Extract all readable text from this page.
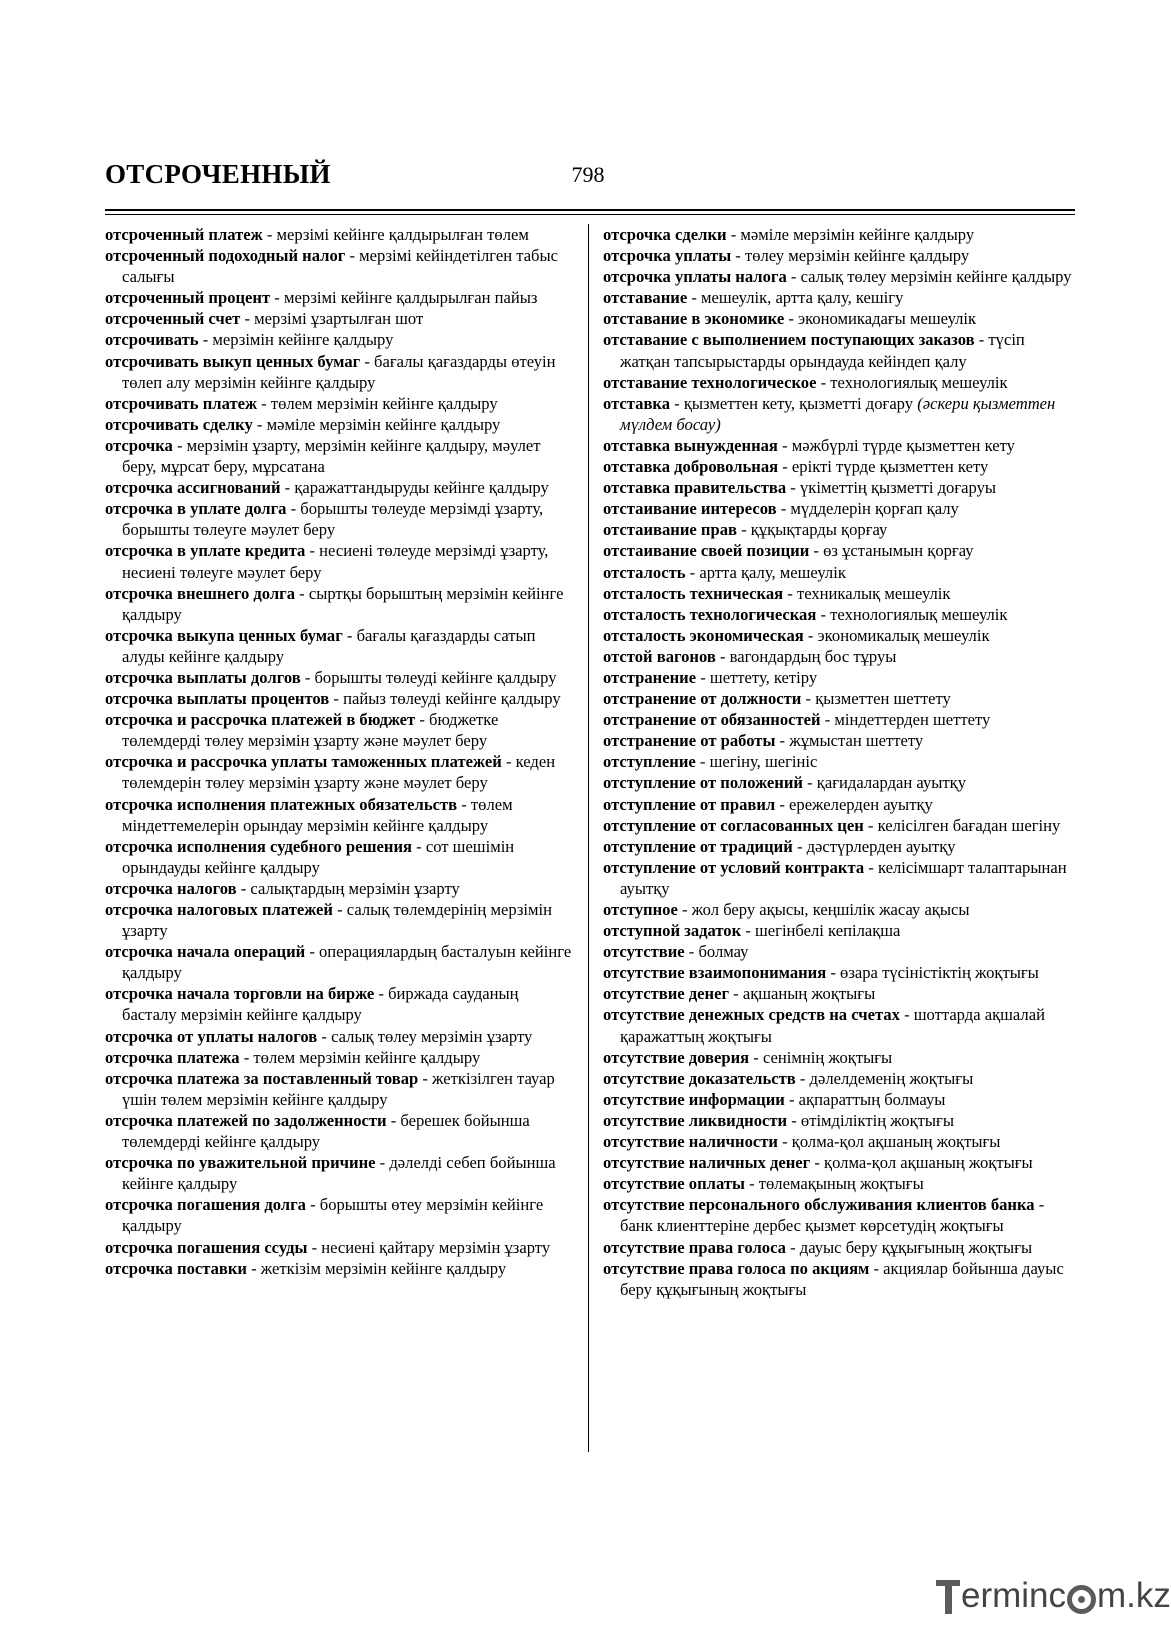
ОТСРОЧЕННЫЙ	798

отсроченный платеж - мерзімі кейінге қалдырылған төлем

отсроченный подоходный налог - мерзімі кейіндетілген табыс салығы

отсроченный процент - мерзімі кейінге қалдырылған пайыз

отсроченный счет - мерзімі ұзартылған шот

отсрочивать - мерзімін кейінге қалдыру

отсрочивать выкуп ценных бумаг - бағалы қағаздарды өтеуін төлеп алу мерзімін кейінге қалдыру

отсрочивать платеж - төлем мерзімін кейінге қалдыру

отсрочивать сделку - мәміле мерзімін кейінге қалдыру

отсрочка - мерзімін ұзарту, мерзімін кейінге қалдыру, мәулет беру, мұрсат беру, мұрсатана

отсрочка ассигнований - қаражаттандыруды кейінге қалдыру

отсрочка в уплате долга - борышты төлеуде мерзімді ұзарту, борышты төлеуге мәулет беру

отсрочка в уплате кредита - несиені төлеуде мерзімді ұзарту, несиені төлеуге мәулет беру

отсрочка внешнего долга - сыртқы борыштың мерзімін кейінге қалдыру

отсрочка выкупа ценных бумаг - бағалы қағаздарды сатып алуды кейінге қалдыру

отсрочка выплаты долгов - борышты төлеуді кейінге қалдыру

отсрочка выплаты процентов - пайыз төлеуді кейінге қалдыру

отсрочка и рассрочка платежей в бюджет - бюджетке төлемдерді төлеу мерзімін ұзарту және мәулет беру

отсрочка и рассрочка уплаты таможенных платежей - кеден төлемдерін төлеу мерзімін ұзарту және мәулет беру

отсрочка исполнения платежных обязательств - төлем міндеттемелерін орындау мерзімін кейінге қалдыру

отсрочка исполнения судебного решения - сот шешімін орындауды кейінге қалдыру

отсрочка налогов - салықтардың мерзімін ұзарту

отсрочка налоговых платежей - салық төлемдерінің мерзімін ұзарту

отсрочка начала операций - операциялардың басталуын кейінге қалдыру

отсрочка начала торговли на бирже - биржада сауданың басталу мерзімін кейінге қалдыру

отсрочка от уплаты налогов - салық төлеу мерзімін ұзарту

отсрочка платежа - төлем мерзімін кейінге қалдыру

отсрочка платежа за поставленный товар - жеткізілген тауар үшін төлем мерзімін кейінге қалдыру

отсрочка платежей по задолженности - берешек бойынша төлемдерді кейінге қалдыру

отсрочка по уважительной причине - дәлелді себеп бойынша кейінге қалдыру

отсрочка погашения долга - борышты өтеу мерзімін кейінге қалдыру

отсрочка погашения ссуды - несиені қайтару мерзімін ұзарту

отсрочка поставки - жеткізім мерзімін кейінге қалдыру

отсрочка сделки - мәміле мерзімін кейінге қалдыру

отсрочка уплаты - төлеу мерзімін кейінге қалдыру

отсрочка уплаты налога - салық төлеу мерзімін кейінге қалдыру

отставание - мешеулік, артта қалу, кешігу

отставание в экономике - экономикадағы мешеулік

отставание с выполнением поступающих заказов - түсіп жатқан тапсырыстарды орындауда кейіндеп қалу

отставание технологическое - технологиялық мешеулік

отставка - қызметтен кету, қызметті доғару (әскери қызметтен мүлдем босау)

отставка вынужденная - мәжбүрлі түрде қызметтен кету

отставка добровольная - ерікті түрде қызметтен кету

отставка правительства - үкіметтің қызметті доғаруы

отстаивание интересов - мүдделерін қорғап қалу

отстаивание прав - құқықтарды қорғау

отстаивание своей позиции - өз ұстанымын қорғау

отсталость - артта қалу, мешеулік

отсталость техническая - техникалық мешеулік

отсталость технологическая - технологиялық мешеулік

отсталость экономическая - экономикалық мешеулік

отстой вагонов - вагондардың бос тұруы

отстранение - шеттету, кетіру

отстранение от должности - қызметтен шеттету

отстранение от обязанностей - міндеттерден шеттету

отстранение от работы - жұмыстан шеттету

отступление - шегіну, шегініс

отступление от положений - қағидалардан ауытқу

отступление от правил - ережелерден ауытқу

отступление от согласованных цен - келісілген бағадан шегіну

отступление от традиций - дәстүрлерден ауытқу

отступление от условий контракта - келісімшарт талаптарынан ауытқу

отступное - жол беру ақысы, кеңшілік жасау ақысы

отступной задаток - шегінбелі кепілақша

отсутствие - болмау

отсутствие взаимопонимания - өзара түсіністіктің жоқтығы

отсутствие денег - ақшаның жоқтығы

отсутствие денежных средств на счетах - шоттарда ақшалай қаражаттың жоқтығы

отсутствие доверия - сенімнің жоқтығы

отсутствие доказательств - дәлелдеменің жоқтығы

отсутствие информации - ақпараттың болмауы

отсутствие ликвидности - өтімділіктің жоқтығы

отсутствие наличности - қолма-қол ақшаның жоқтығы

отсутствие наличных денег - қолма-қол ақшаның жоқтығы

отсутствие оплаты - төлемақының жоқтығы

отсутствие персонального обслуживания клиентов банка - банк клиенттеріне дербес қызмет көрсетудің жоқтығы

отсутствие права голоса - дауыс беру құқығының жоқтығы

отсутствие права голоса по акциям - акциялар бойынша дауыс беру құқығының жоқтығы

erminc m.kz
